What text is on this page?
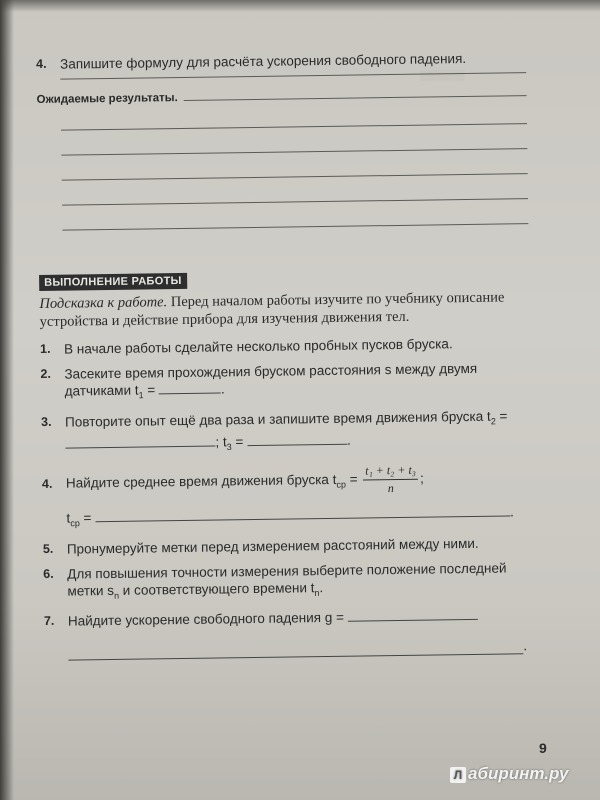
▒▒▒▒▒▒▒
4. Запишите формулу для расчёта ускорения свободного падения.
Ожидаемые результаты.
ВЫПОЛНЕНИЕ РАБОТЫ
Подсказка к работе. Перед началом работы изучите по учебнику описание устройства и действие прибора для изучения движения тел.
1. В начале работы сделайте несколько пробных пусков бруска.
2. Засеките время прохождения бруском расстояния s между двумя датчиками $t_1$ =	.
3. Повторите опыт ещё два раза и запишите время движения бруска $t_2$ = ; $t_3$ =	.
4. Найдите среднее время движения бруска $t_{ср} = \frac{\text{t₁ + t₂ + t₃}}{n}$ ;
$t_{ср}$ =	.
5. Пронумеруйте метки перед измерением расстояний между ними.
6. Для повышения точности измерения выберите положение последней метки $s_n$ и соответствующего времени $t_n$.
7. Найдите ускорение свободного падения g =
.
9
Л абиринт.ру
